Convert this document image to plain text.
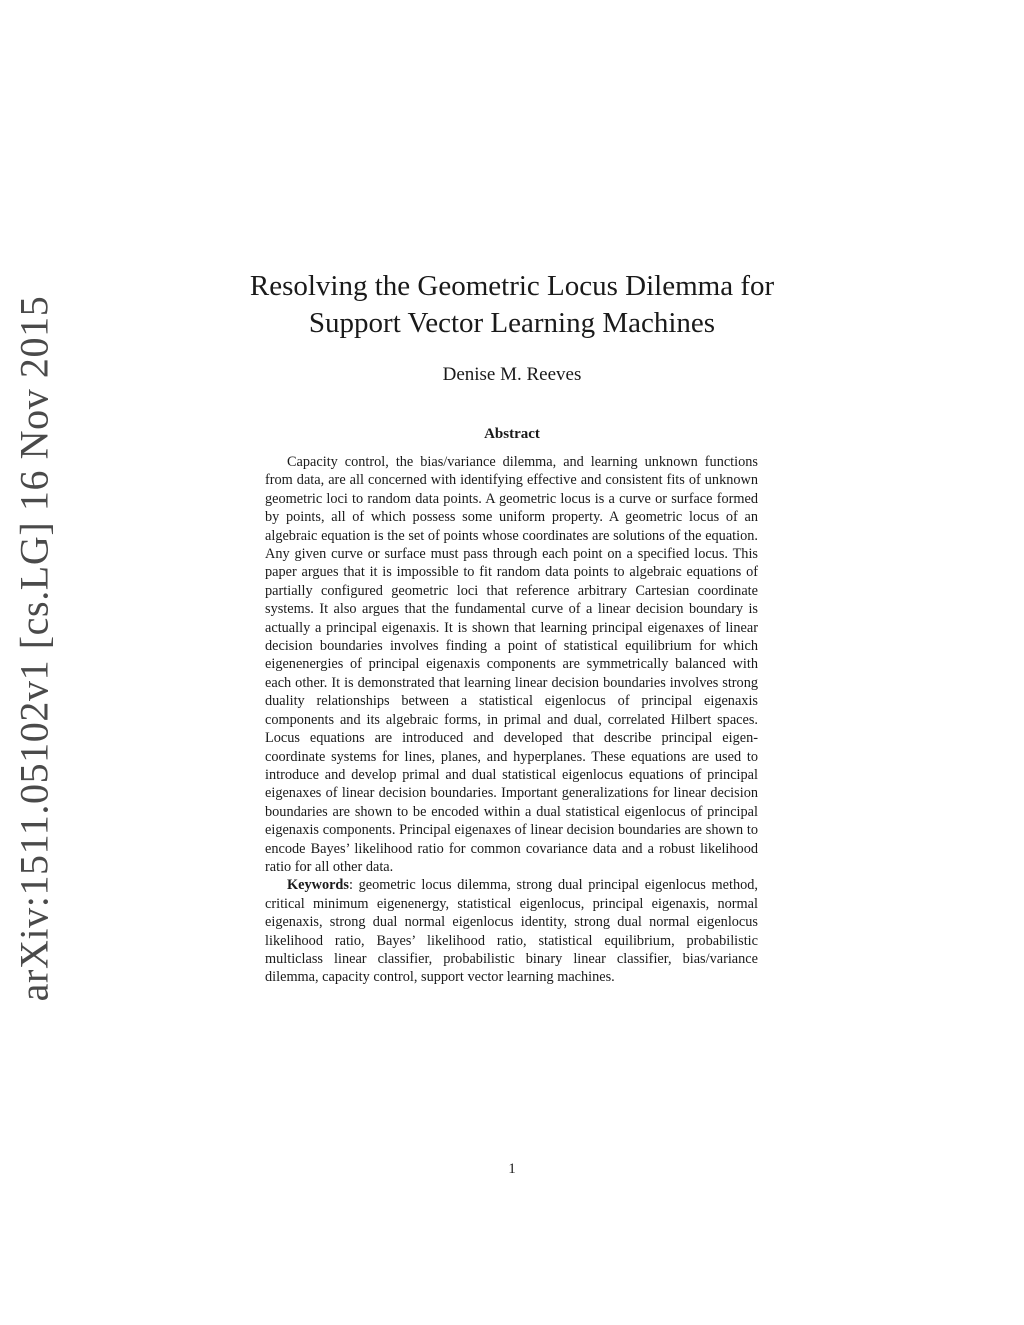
arXiv:1511.05102v1 [cs.LG] 16 Nov 2015
Resolving the Geometric Locus Dilemma for
Support Vector Learning Machines
Denise M. Reeves
Abstract

Capacity control, the bias/variance dilemma, and learning unknown functions from data, are all concerned with identifying effective and consistent fits of unknown geometric loci to random data points. A geometric locus is a curve or surface formed by points, all of which possess some uniform property. A geometric locus of an algebraic equation is the set of points whose coordinates are solutions of the equation. Any given curve or surface must pass through each point on a specified locus. This paper argues that it is impossible to fit random data points to algebraic equations of partially configured geometric loci that reference arbitrary Cartesian coordinate systems. It also argues that the fundamental curve of a linear decision boundary is actually a principal eigenaxis. It is shown that learning principal eigenaxes of linear decision boundaries involves finding a point of statistical equilibrium for which eigenenergies of principal eigenaxis components are symmetrically balanced with each other. It is demonstrated that learning linear decision boundaries involves strong duality relationships between a statistical eigenlocus of principal eigenaxis components and its algebraic forms, in primal and dual, correlated Hilbert spaces. Locus equations are introduced and developed that describe principal eigen-coordinate systems for lines, planes, and hyperplanes. These equations are used to introduce and develop primal and dual statistical eigenlocus equations of principal eigenaxes of linear decision boundaries. Important generalizations for linear decision boundaries are shown to be encoded within a dual statistical eigenlocus of principal eigenaxis components. Principal eigenaxes of linear decision boundaries are shown to encode Bayes’ likelihood ratio for common covariance data and a robust likelihood ratio for all other data.

Keywords: geometric locus dilemma, strong dual principal eigenlocus method, critical minimum eigenenergy, statistical eigenlocus, principal eigenaxis, normal eigenaxis, strong dual normal eigenlocus identity, strong dual normal eigenlocus likelihood ratio, Bayes’ likelihood ratio, statistical equilibrium, probabilistic multiclass linear classifier, probabilistic binary linear classifier, bias/variance dilemma, capacity control, support vector learning machines.

1
